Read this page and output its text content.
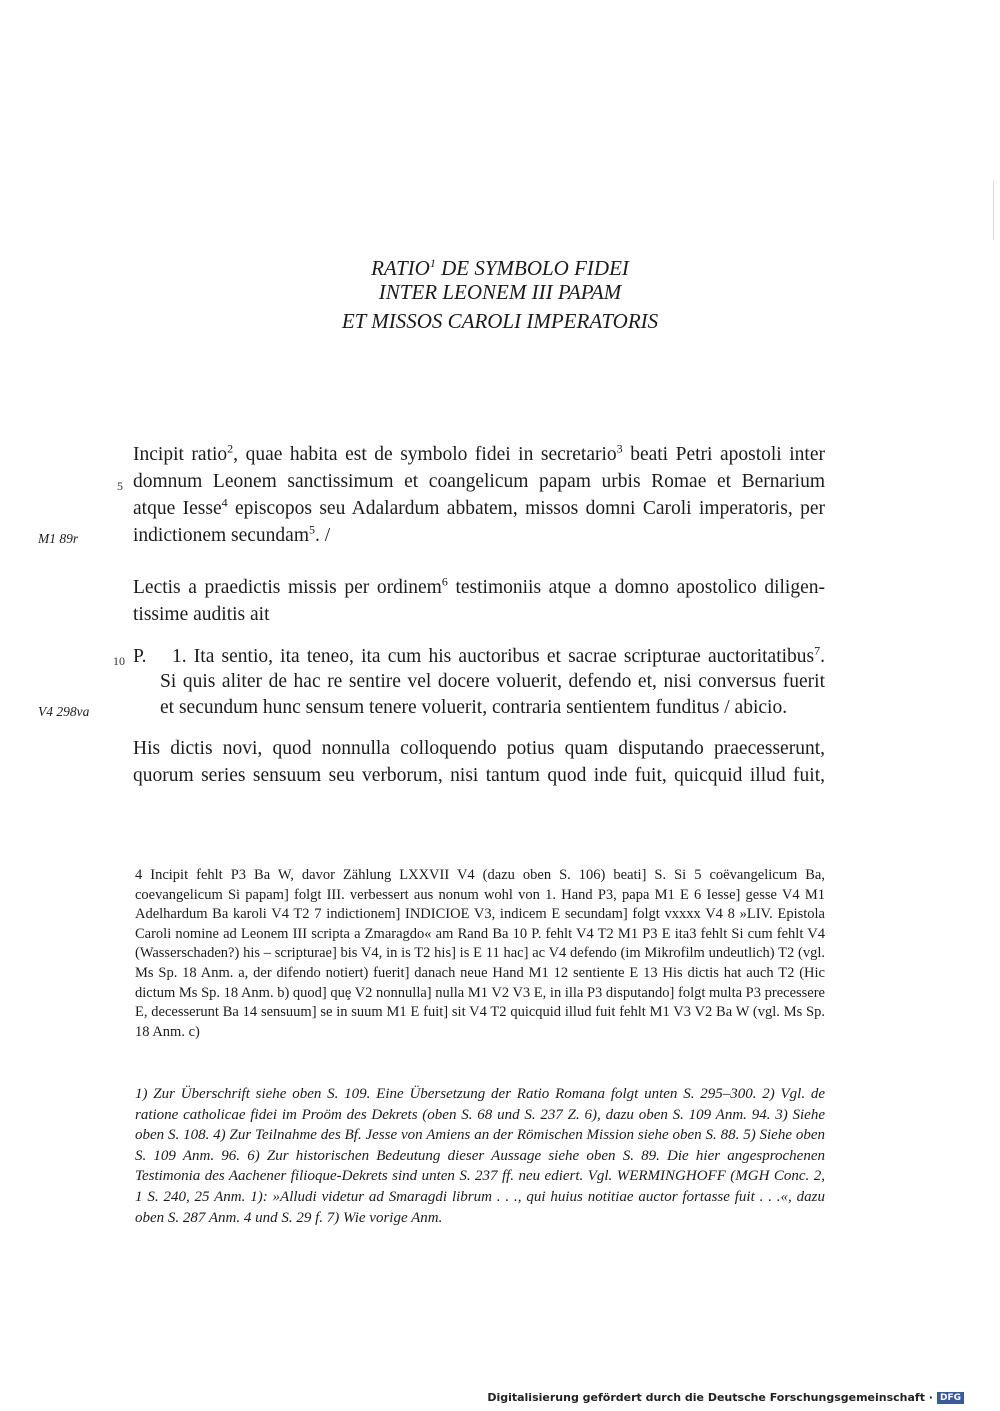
RATIO$^1$ DE SYMBOLO FIDEI
INTER LEONEM III PAPAM
ET MISSOS CAROLI IMPERATORIS
Incipit ratio$^2$, quae habita est de symbolo fidei in secretario$^3$ beati Petri apostoli inter
5 domnum Leonem sanctissimum et coangelicum papam urbis Romae et Bernarium
atque Iesse$^4$ episcopos seu Adalardum abbatem, missos domni Caroli imperatoris, per
M1 89r	indictionem secundam$^5$. /
Lectis a praedictis missis per ordinem$^6$ testimoniis atque a domno apostolico diligen-
tissime auditis ait
10 P. 1. Ita sentio, ita teneo, ita cum his auctoribus et sacrae scripturae auctoritatibus$^7$.
Si quis aliter de hac re sentire vel docere voluerit, defendo et, nisi conversus fuerit
V4 298va	et secundum hunc sensum tenere voluerit, contraria sentientem funditus / abicio.
His dictis novi, quod nonnulla colloquendo potius quam disputando praecesserunt,
quorum series sensuum seu verborum, nisi tantum quod inde fuit, quicquid illud fuit,
4 Incipit fehlt P3 Ba W, davor Zählung LXXVII V4 (dazu oben S. 106) beati] S. Si 5 coëvangelicum Ba, coevangelicum Si papam] folgt III. verbessert aus nonum wohl von 1. Hand P3, papa M1 E 6 Iesse] gesse V4 M1 Adelhardum Ba karoli V4 T2 7 indictionem] INDICIOE V3, indicem E secundam] folgt vxxxx V4 8 »LIV. Epistola Caroli nomine ad Leonem III scripta a Zmaragdo« am Rand Ba 10 P. fehlt V4 T2 M1 P3 E ita3 fehlt Si cum fehlt V4 (Wasserschaden?) his – scripturae] bis V4, in is T2 his] is E 11 hac] ac V4 defendo (im Mikrofilm undeutlich) T2 (vgl. Ms Sp. 18 Anm. a, der difendo notiert) fuerit] danach neue Hand M1 12 sentiente E 13 His dictis hat auch T2 (Hic dictum Ms Sp. 18 Anm. b) quod] quȩ V2 nonnulla] nulla M1 V2 V3 E, in illa P3 disputando] folgt multa P3 precessere E, decesserunt Ba 14 sensuum] se in suum M1 E fuit] sit V4 T2 quicquid illud fuit fehlt M1 V3 V2 Ba W (vgl. Ms Sp. 18 Anm. c)
1) Zur Überschrift siehe oben S. 109. Eine Übersetzung der Ratio Romana folgt unten S. 295–300. 2) Vgl. de ratione catholicae fidei im Proöm des Dekrets (oben S. 68 und S. 237 Z. 6), dazu oben S. 109 Anm. 94. 3) Siehe oben S. 108. 4) Zur Teilnahme des Bf. Jesse von Amiens an der Römischen Mission siehe oben S. 88. 5) Siehe oben S. 109 Anm. 96. 6) Zur historischen Bedeutung dieser Aussage siehe oben S. 89. Die hier angesprochenen Testimonia des Aachener filioque-Dekrets sind unten S. 237 ff. neu ediert. Vgl. WERMINGHOFF (MGH Conc. 2, 1 S. 240, 25 Anm. 1): »Alludi videtur ad Smaragdi librum . . ., qui huius notitiae auctor fortasse fuit . . .«, dazu oben S. 287 Anm. 4 und S. 29 f. 7) Wie vorige Anm.
Digitalisierung gefördert durch die Deutsche Forschungsgemeinschaft · DFG
